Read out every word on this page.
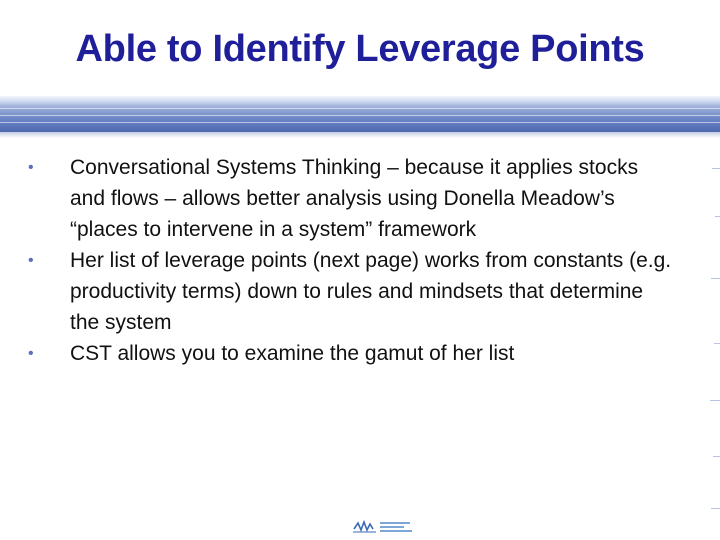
Able to Identify Leverage Points
•	Conversational Systems Thinking – because it applies stocks and flows – allows better analysis using Donella Meadow’s “places to intervene in a system” framework
•	Her list of leverage points (next page) works from constants (e.g. productivity terms) down to rules and mindsets that determine the system
•	CST allows you to examine the gamut of her list
